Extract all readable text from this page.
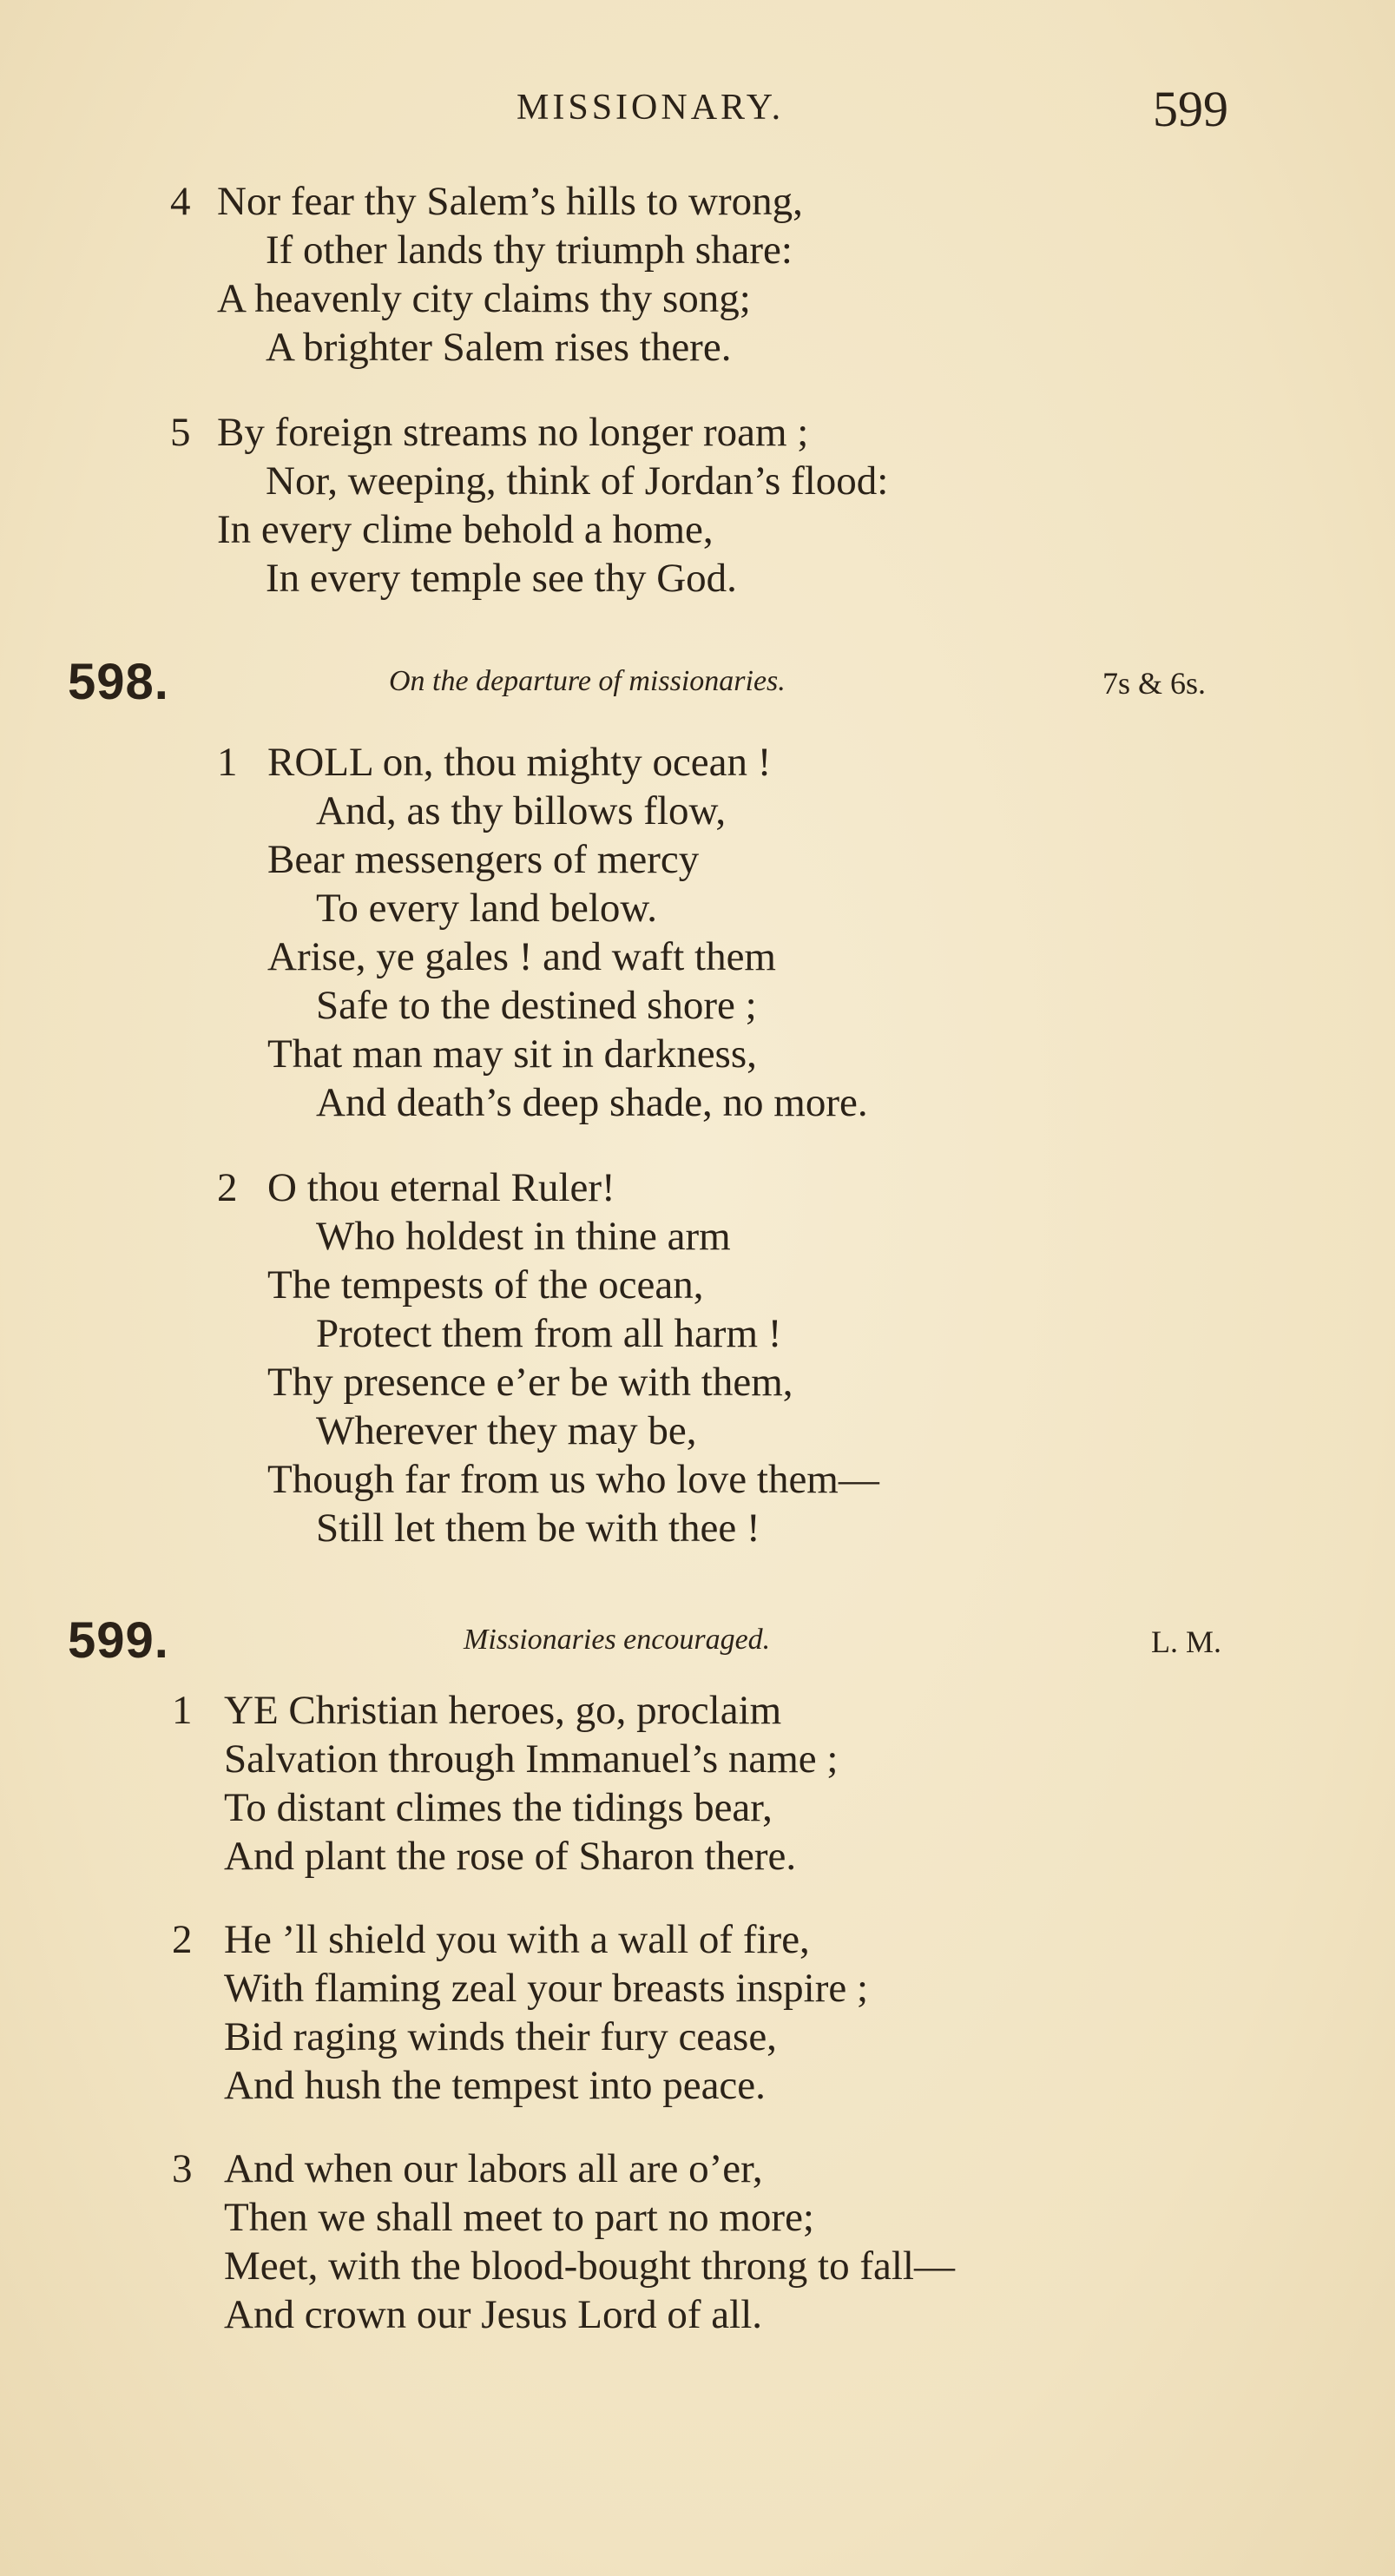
MISSIONARY.	599
4 Nor fear thy Salem’s hills to wrong,
If other lands thy triumph share:
A heavenly city claims thy song;
A brighter Salem rises there.
5 By foreign streams no longer roam ;
Nor, weeping, think of Jordan’s flood:
In every clime behold a home,
In every temple see thy God.
598.	On the departure of missionaries.	7s & 6s.
1 ROLL on, thou mighty ocean !
And, as thy billows flow,
Bear messengers of mercy
To every land below.
Arise, ye gales ! and waft them
Safe to the destined shore ;
That man may sit in darkness,
And death’s deep shade, no more.
2 O thou eternal Ruler!
Who holdest in thine arm
The tempests of the ocean,
Protect them from all harm !
Thy presence e’er be with them,
Wherever they may be,
Though far from us who love them—
Still let them be with thee !
599.	Missionaries encouraged.	L. M.
1 YE Christian heroes, go, proclaim
Salvation through Immanuel’s name ;
To distant climes the tidings bear,
And plant the rose of Sharon there.
2 He ’ll shield you with a wall of fire,
With flaming zeal your breasts inspire ;
Bid raging winds their fury cease,
And hush the tempest into peace.
3 And when our labors all are o’er,
Then we shall meet to part no more;
Meet, with the blood-bought throng to fall—
And crown our Jesus Lord of all.
